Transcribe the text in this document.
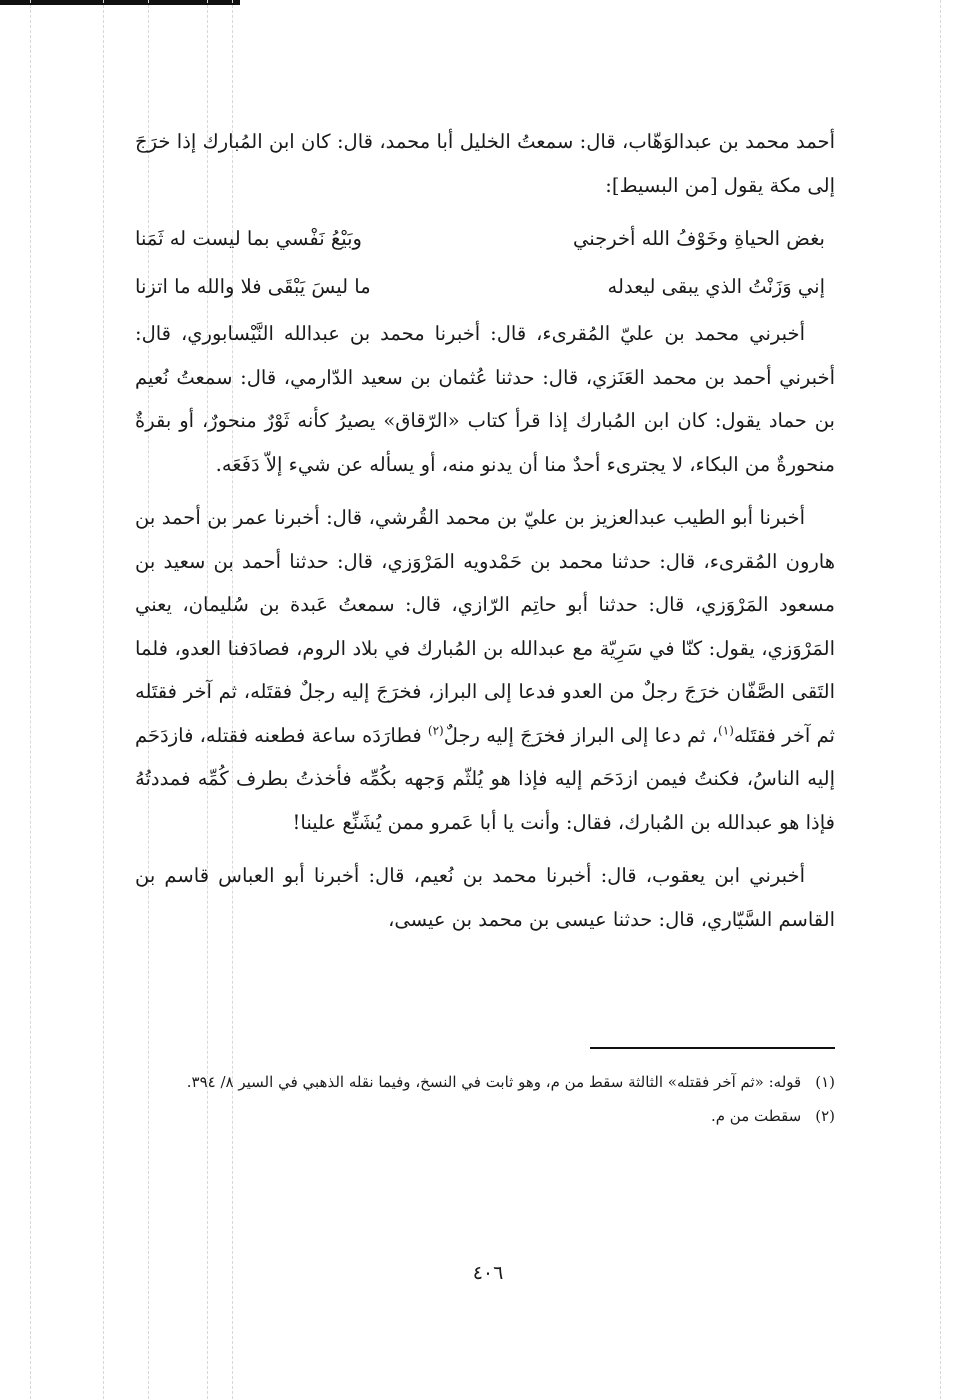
أحمد محمد بن عبدالوَهّاب، قال: سمعتُ الخليل أبا محمد، قال: كان ابن المُبارك إذا خرَجَ إلى مكة يقول [من البسيط]:

بغض الحياةِ وخَوْفُ الله أخرجني
وبَيْعُ نَفْسي بما ليست له ثَمَنا
إني وَزَنْتُ الذي يبقى ليعدله
ما ليسَ يَبْقَى فلا والله ما اتزنا

أخبرني محمد بن عليّ المُقرىء، قال: أخبرنا محمد بن عبدالله النَّيْسابوري، قال: أخبرني أحمد بن محمد العَنَزي، قال: حدثنا عُثمان بن سعيد الدّارمي، قال: سمعتُ نُعيم بن حماد يقول: كان ابن المُبارك إذا قرأ كتاب «الرّقاق» يصيرُ كأنه ثَوْرٌ منحورٌ، أو بقرةٌ منحورةٌ من البكاء، لا يجترىء أحدٌ منا أن يدنو منه، أو يسأله عن شيء إلاّ دَفَعَه.

أخبرنا أبو الطيب عبدالعزيز بن عليّ بن محمد القُرشي، قال: أخبرنا عمر بن أحمد بن هارون المُقرىء، قال: حدثنا محمد بن حَمْدويه المَرْوَزي، قال: حدثنا أحمد بن سعيد بن مسعود المَرْوَزي، قال: حدثنا أبو حاتِم الرّازي، قال: سمعتُ عَبدة بن سُليمان، يعني المَرْوَزي، يقول: كنّا في سَرِيّة مع عبدالله بن المُبارك في بلاد الروم، فصادَفنا العدو، فلما التَقى الصَّفّان خرَجَ رجلٌ من العدو فدعا إلى البراز، فخرَجَ إليه رجلٌ فقتَله، ثم آخر فقتَله ثم آخر فقتَله$^{(١)}$، ثم دعا إلى البراز فخرَجَ إليه رجلٌ$^{(٢)}$ فطارَدَه ساعة فطعنه فقتله، فازدَحَم إليه الناسُ، فكنتُ فيمن ازدَحَم إليه فإذا هو يُلثّم وَجهه بكُمِّه فأخذتُ بطرف كُمِّه فمددتُهُ فإذا هو عبدالله بن المُبارك، فقال: وأنت يا أبا عَمرو ممن يُشَنِّع علينا!

أخبرني ابن يعقوب، قال: أخبرنا محمد بن نُعيم، قال: أخبرنا أبو العباس قاسم بن القاسم السَّيّاري، قال: حدثنا عيسى بن محمد بن عيسى،

(١)قوله: «ثم آخر فقتله» الثالثة سقط من م، وهو ثابت في النسخ، وفيما نقله الذهبي في السير ٨/ ٣٩٤.

(٢)سقطت من م.

٤٠٦
